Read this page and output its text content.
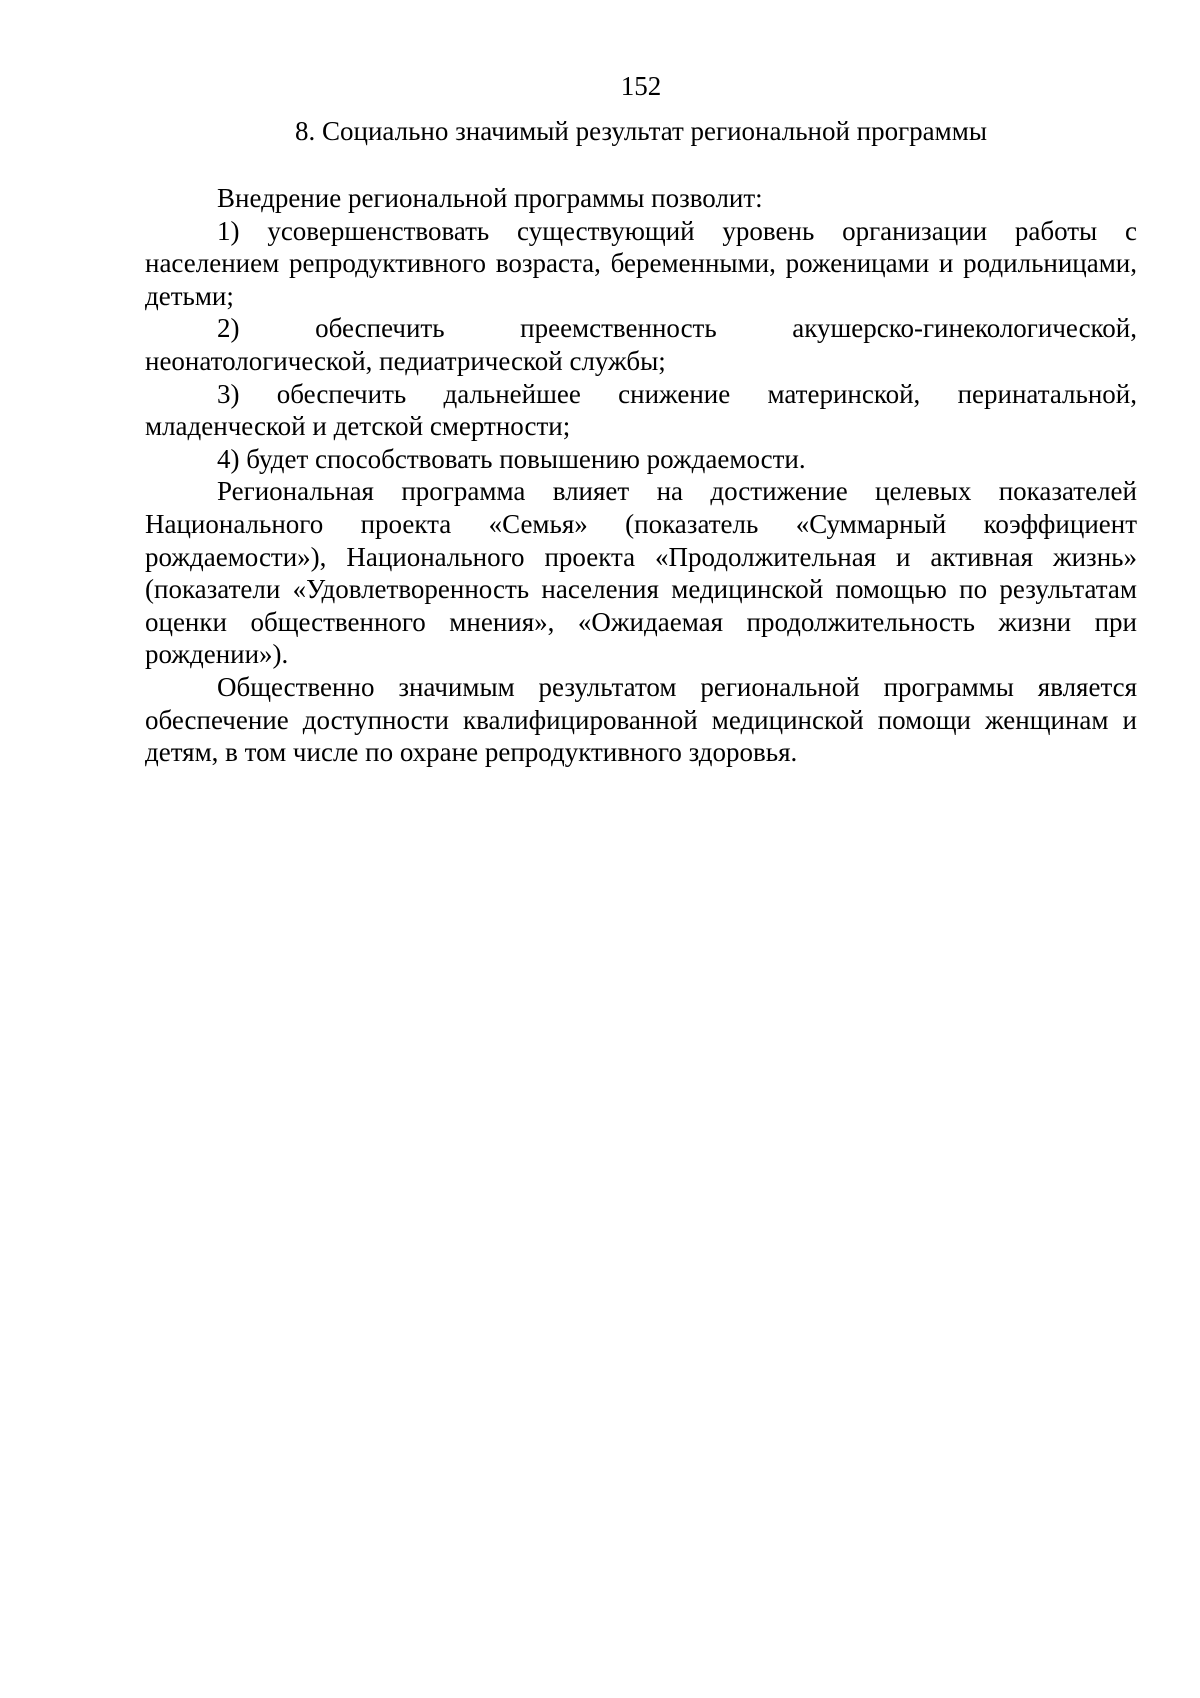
152
8. Социально значимый результат региональной программы

Внедрение региональной программы позволит:

1) усовершенствовать существующий уровень организации работы с населением репродуктивного возраста, беременными, роженицами и родильницами, детьми;

2) обеспечить преемственность акушерско-гинекологической, неонатологической, педиатрической службы;

3) обеспечить дальнейшее снижение материнской, перинатальной, младенческой и детской смертности;

4) будет способствовать повышению рождаемости.

Региональная программа влияет на достижение целевых показателей Национального проекта «Семья» (показатель «Суммарный коэффициент рождаемости»), Национального проекта «Продолжительная и активная жизнь» (показатели «Удовлетворенность населения медицинской помощью по результатам оценки общественного мнения», «Ожидаемая продолжительность жизни при рождении»).

Общественно значимым результатом региональной программы является обеспечение доступности квалифицированной медицинской помощи женщинам и детям, в том числе по охране репродуктивного здоровья.
